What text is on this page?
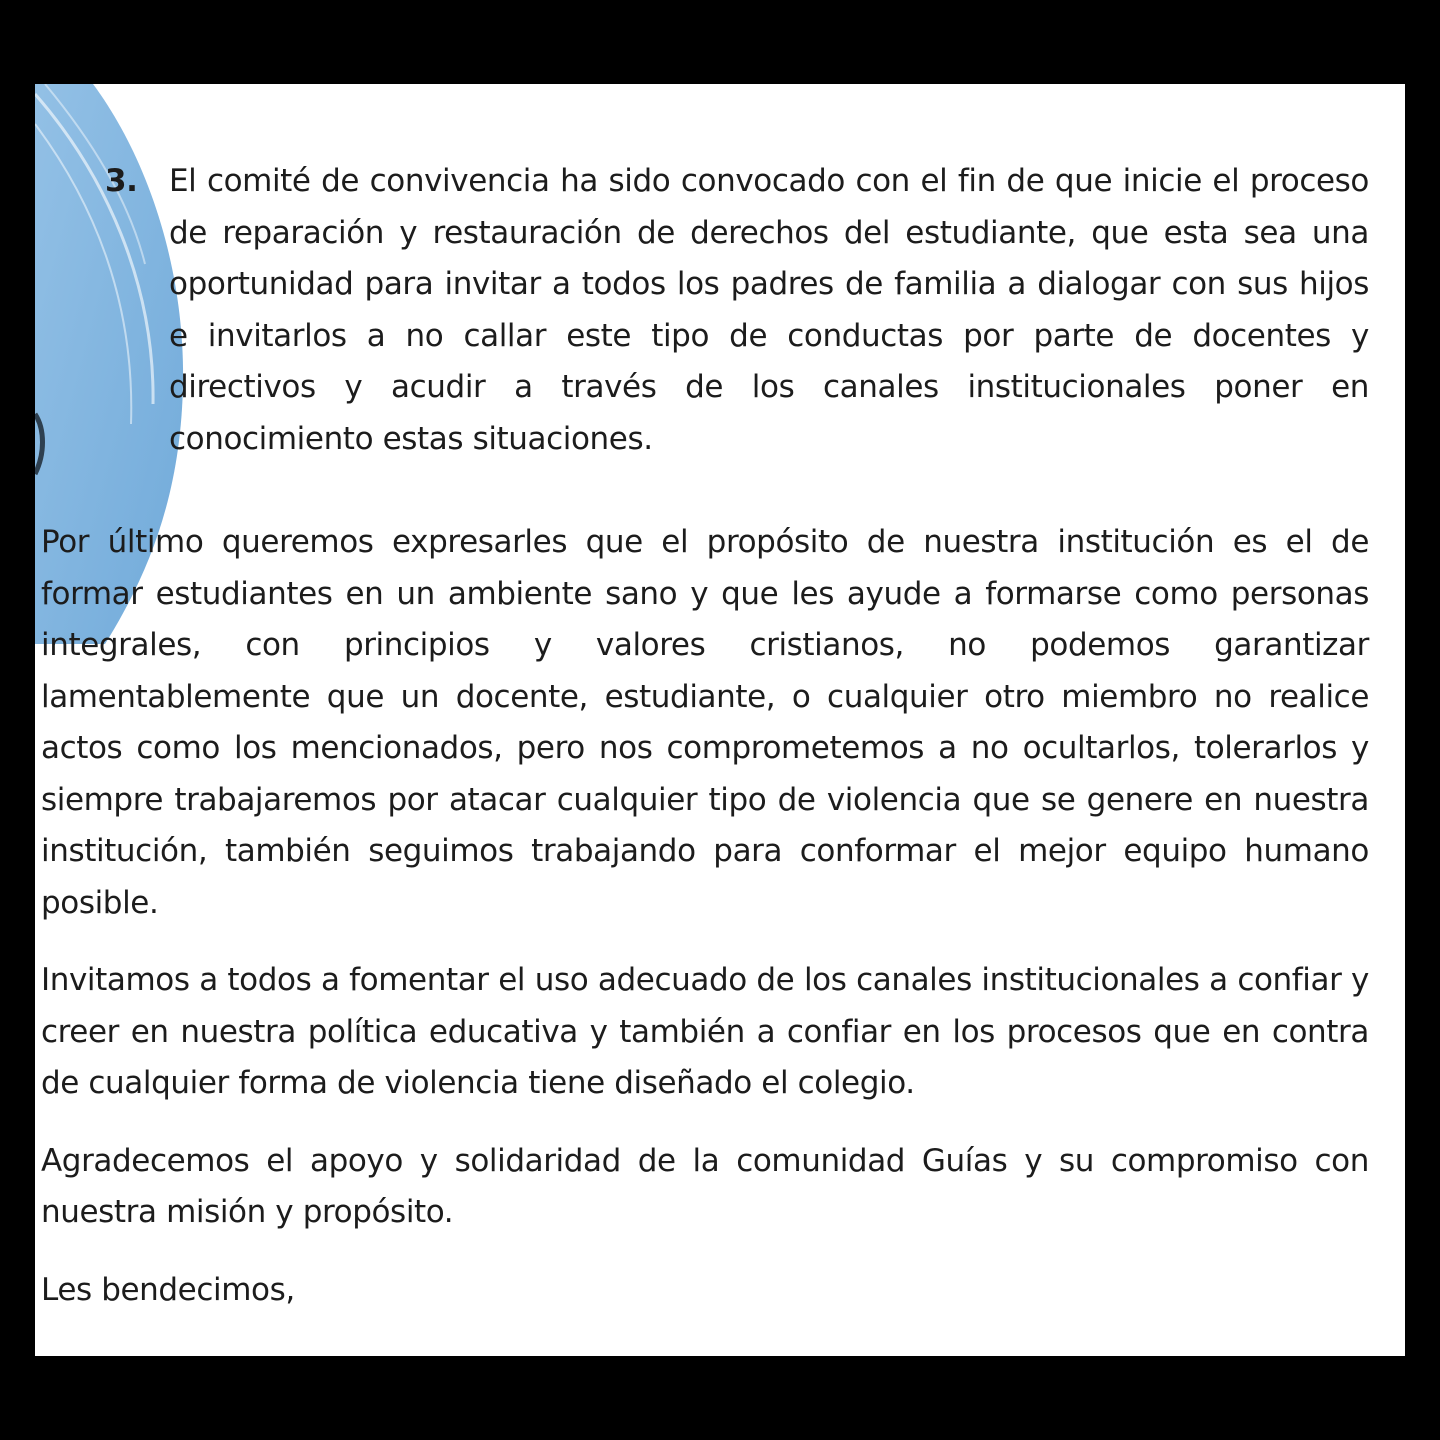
3. El comité de convivencia ha sido convocado con el fin de que inicie el proceso de reparación y restauración de derechos del estudiante, que esta sea una oportunidad para invitar a todos los padres de familia a dialogar con sus hijos e invitarlos a no callar este tipo de conductas por parte de docentes y directivos y acudir a través de los canales institucionales poner en conocimiento estas situaciones.

Por último queremos expresarles que el propósito de nuestra institución es el de formar estudiantes en un ambiente sano y que les ayude a formarse como personas integrales, con principios y valores cristianos, no podemos garantizar lamentablemente que un docente, estudiante, o cualquier otro miembro no realice actos como los mencionados, pero nos comprometemos a no ocultarlos, tolerarlos y siempre trabajaremos por atacar cualquier tipo de violencia que se genere en nuestra institución, también seguimos trabajando para conformar el mejor equipo humano posible.

Invitamos a todos a fomentar el uso adecuado de los canales institucionales a confiar y creer en nuestra política educativa y también a confiar en los procesos que en contra de cualquier forma de violencia tiene diseñado el colegio.

Agradecemos el apoyo y solidaridad de la comunidad Guías y su compromiso con nuestra misión y propósito.

Les bendecimos,
